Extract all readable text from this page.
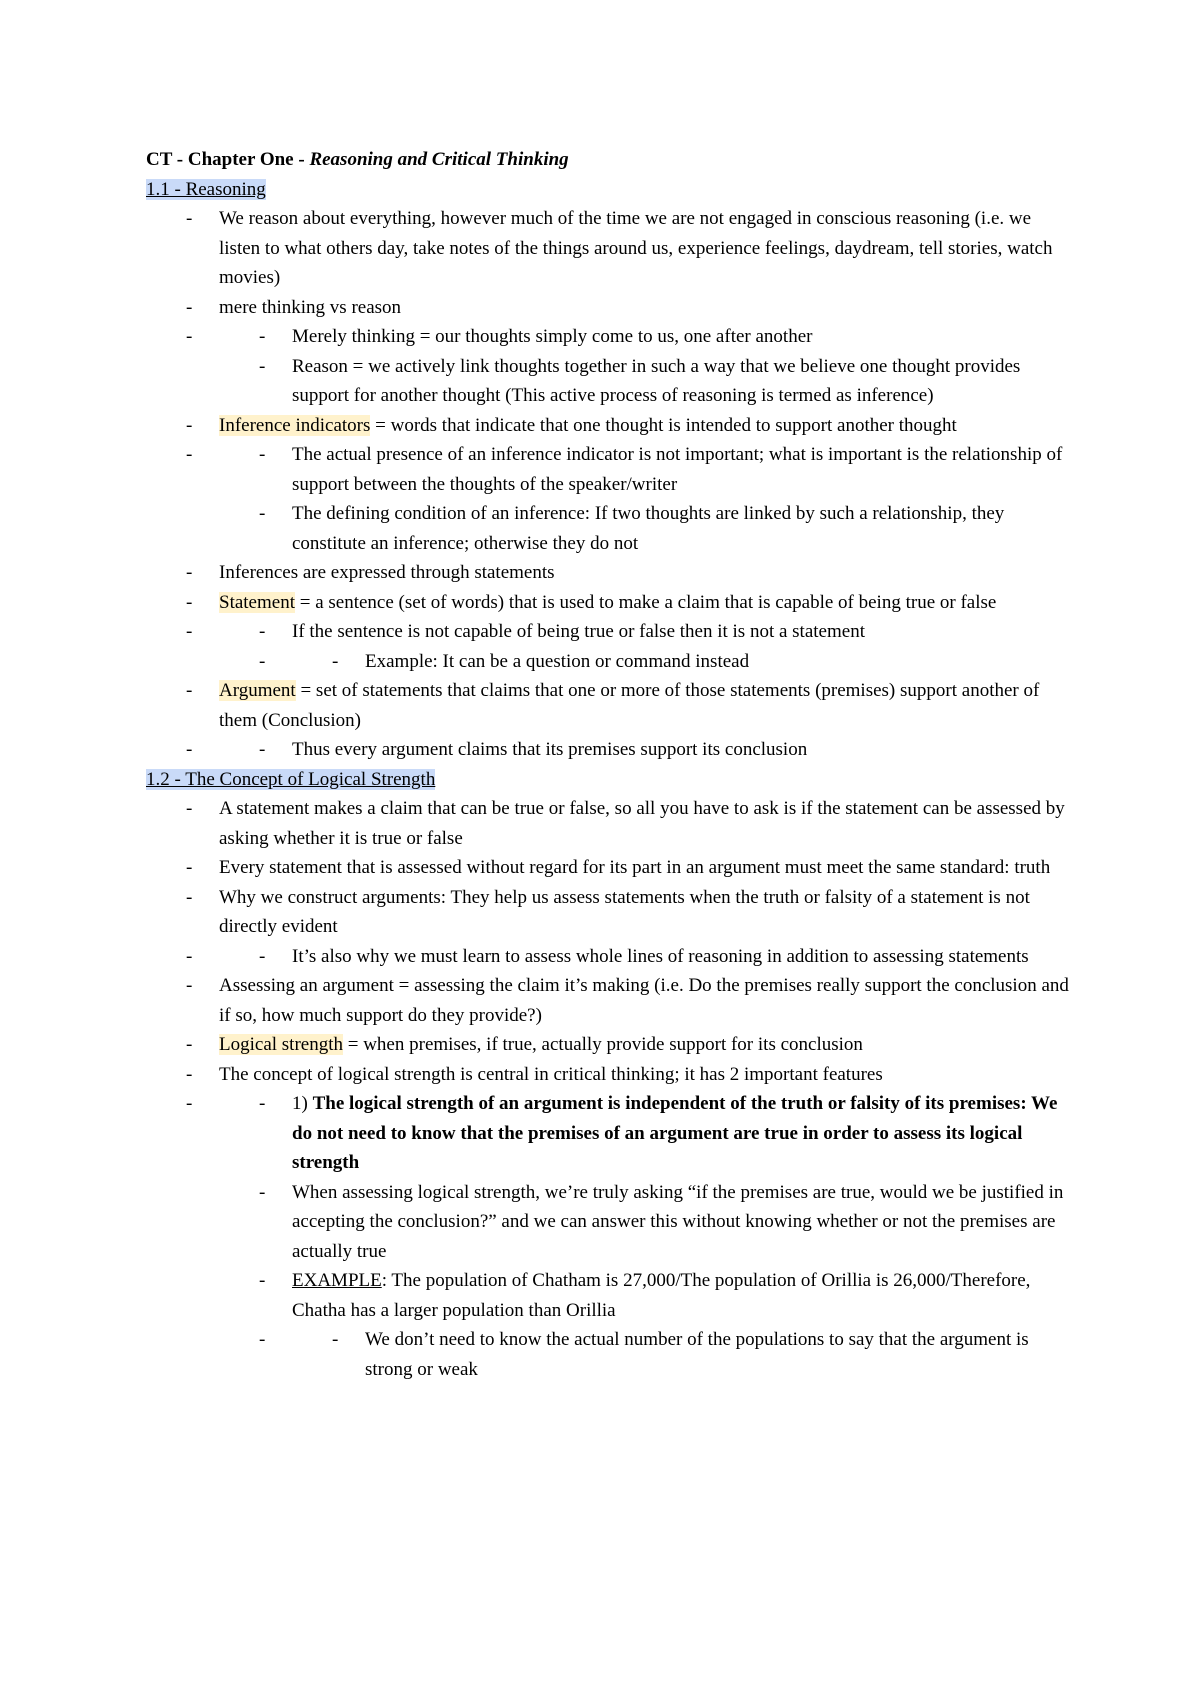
CT - Chapter One - Reasoning and Critical Thinking

1.1 - Reasoning

- We reason about everything, however much of the time we are not engaged in conscious reasoning (i.e. we listen to what others day, take notes of the things around us, experience feelings, daydream, tell stories, watch movies)
- mere thinking vs reason
- - Merely thinking = our thoughts simply come to us, one after another
- Reason = we actively link thoughts together in such a way that we believe one thought provides support for another thought (This active process of reasoning is termed as inference)
- Inference indicators = words that indicate that one thought is intended to support another thought
- - The actual presence of an inference indicator is not important; what is important is the relationship of support between the thoughts of the speaker/writer
- The defining condition of an inference: If two thoughts are linked by such a relationship, they constitute an inference; otherwise they do not
- Inferences are expressed through statements
- Statement = a sentence (set of words) that is used to make a claim that is capable of being true or false
- - If the sentence is not capable of being true or false then it is not a statement
- - Example: It can be a question or command instead
- Argument = set of statements that claims that one or more of those statements (premises) support another of them (Conclusion)
- - Thus every argument claims that its premises support its conclusion

1.2 - The Concept of Logical Strength

- A statement makes a claim that can be true or false, so all you have to ask is if the statement can be assessed by asking whether it is true or false
- Every statement that is assessed without regard for its part in an argument must meet the same standard: truth
- Why we construct arguments: They help us assess statements when the truth or falsity of a statement is not directly evident
- - It’s also why we must learn to assess whole lines of reasoning in addition to assessing statements
- Assessing an argument = assessing the claim it’s making (i.e. Do the premises really support the conclusion and if so, how much support do they provide?)
- Logical strength = when premises, if true, actually provide support for its conclusion
- The concept of logical strength is central in critical thinking; it has 2 important features
- - 1) The logical strength of an argument is independent of the truth or falsity of its premises: We do not need to know that the premises of an argument are true in order to assess its logical strength
- When assessing logical strength, we’re truly asking “if the premises are true, would we be justified in accepting the conclusion?” and we can answer this without knowing whether or not the premises are actually true
- EXAMPLE: The population of Chatham is 27,000/The population of Orillia is 26,000/Therefore, Chatha has a larger population than Orillia
- - We don’t need to know the actual number of the populations to say that the argument is strong or weak
